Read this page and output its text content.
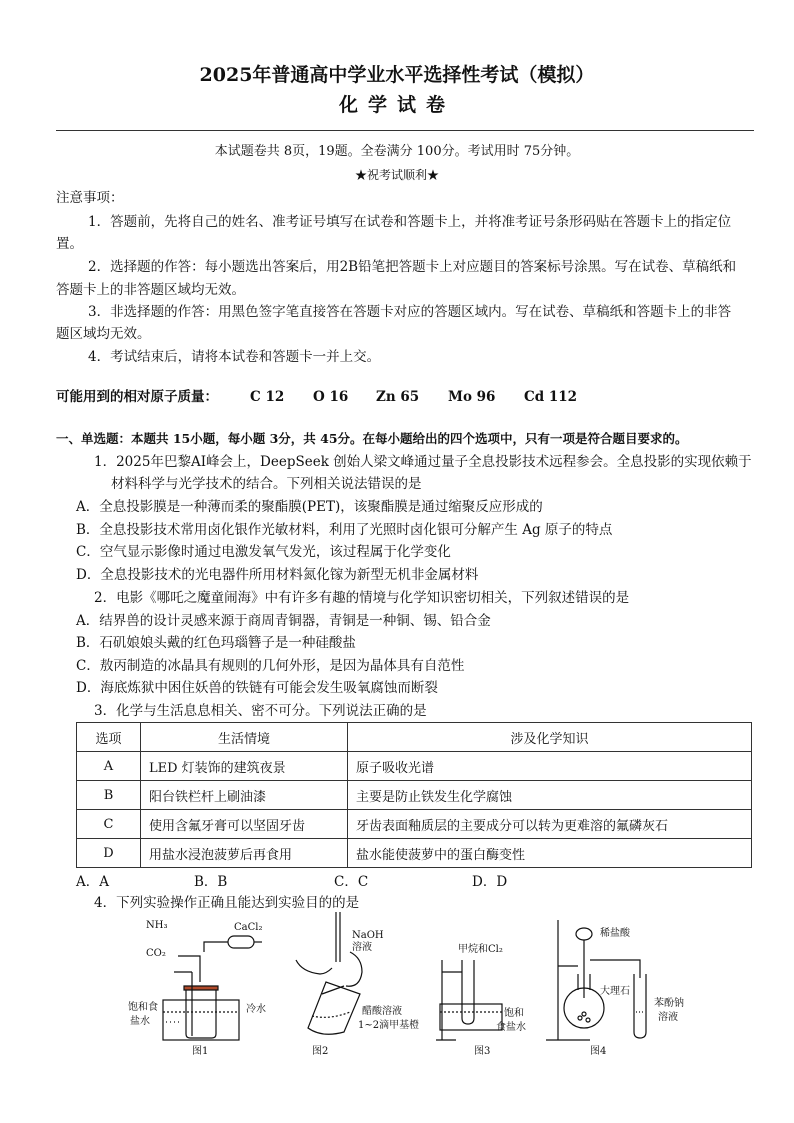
2025年普通高中学业水平选择性考试（模拟）
化学试卷
本试题卷共 8页，19题。全卷满分 100分。考试用时 75分钟。
★祝考试顺利★
注意事项：
1．答题前，先将自己的姓名、准考证号填写在试卷和答题卡上，并将准考证号条形码贴在答题卡上的指定位
置。
2．选择题的作答：每小题选出答案后，用2B铅笔把答题卡上对应题目的答案标号涂黑。写在试卷、草稿纸和
答题卡上的非答题区域均无效。
3．非选择题的作答：用黑色签字笔直接答在答题卡对应的答题区域内。写在试卷、草稿纸和答题卡上的非答
题区域均无效。
4．考试结束后，请将本试卷和答题卡一并上交。
可能用到的相对原子质量： C 12 O 16 Zn 65 Mo 96 Cd 112
一、单选题：本题共 15小题，每小题 3分，共 45分。在每小题给出的四个选项中，只有一项是符合题目要求的。
1．2025年巴黎AI峰会上，DeepSeek 创始人梁文峰通过量子全息投影技术远程参会。全息投影的实现依赖于
材料科学与光学技术的结合。下列相关说法错误的是
A．全息投影膜是一种薄而柔的聚酯膜(PET)，该聚酯膜是通过缩聚反应形成的
B．全息投影技术常用卤化银作光敏材料，利用了光照时卤化银可分解产生 Ag 原子的特点
C．空气显示影像时通过电激发氧气发光，该过程属于化学变化
D．全息投影技术的光电器件所用材料氮化镓为新型无机非金属材料
2．电影《哪吒之魔童闹海》中有许多有趣的情境与化学知识密切相关，下列叙述错误的是
A．结界兽的设计灵感来源于商周青铜器，青铜是一种铜、锡、铅合金
B．石矶娘娘头戴的红色玛瑙簪子是一种硅酸盐
C．敖丙制造的冰晶具有规则的几何外形，是因为晶体具有自范性
D．海底炼狱中困住妖兽的铁链有可能会发生吸氧腐蚀而断裂
3．化学与生活息息相关、密不可分。下列说法正确的是
选项	生活情境	涉及化学知识
A	LED 灯装饰的建筑夜景	原子吸收光谱
B	阳台铁栏杆上刷油漆	主要是防止铁发生化学腐蚀
C	使用含氟牙膏可以坚固牙齿	牙齿表面釉质层的主要成分可以转为更难溶的氟磷灰石
D	用盐水浸泡菠萝后再食用	盐水能使菠萝中的蛋白酶变性
A．A	B．B	C．C	D．D
4．下列实验操作正确且能达到实验目的的是
NH₃
CO₂
CaCl₂
饱和食
盐水
冷水
图1
NaOH
溶液
醋酸溶液
1~2滴甲基橙
图2
甲烷和Cl₂
饱和
食盐水
图3
稀盐酸
大理石
苯酚钠
溶液
图4
